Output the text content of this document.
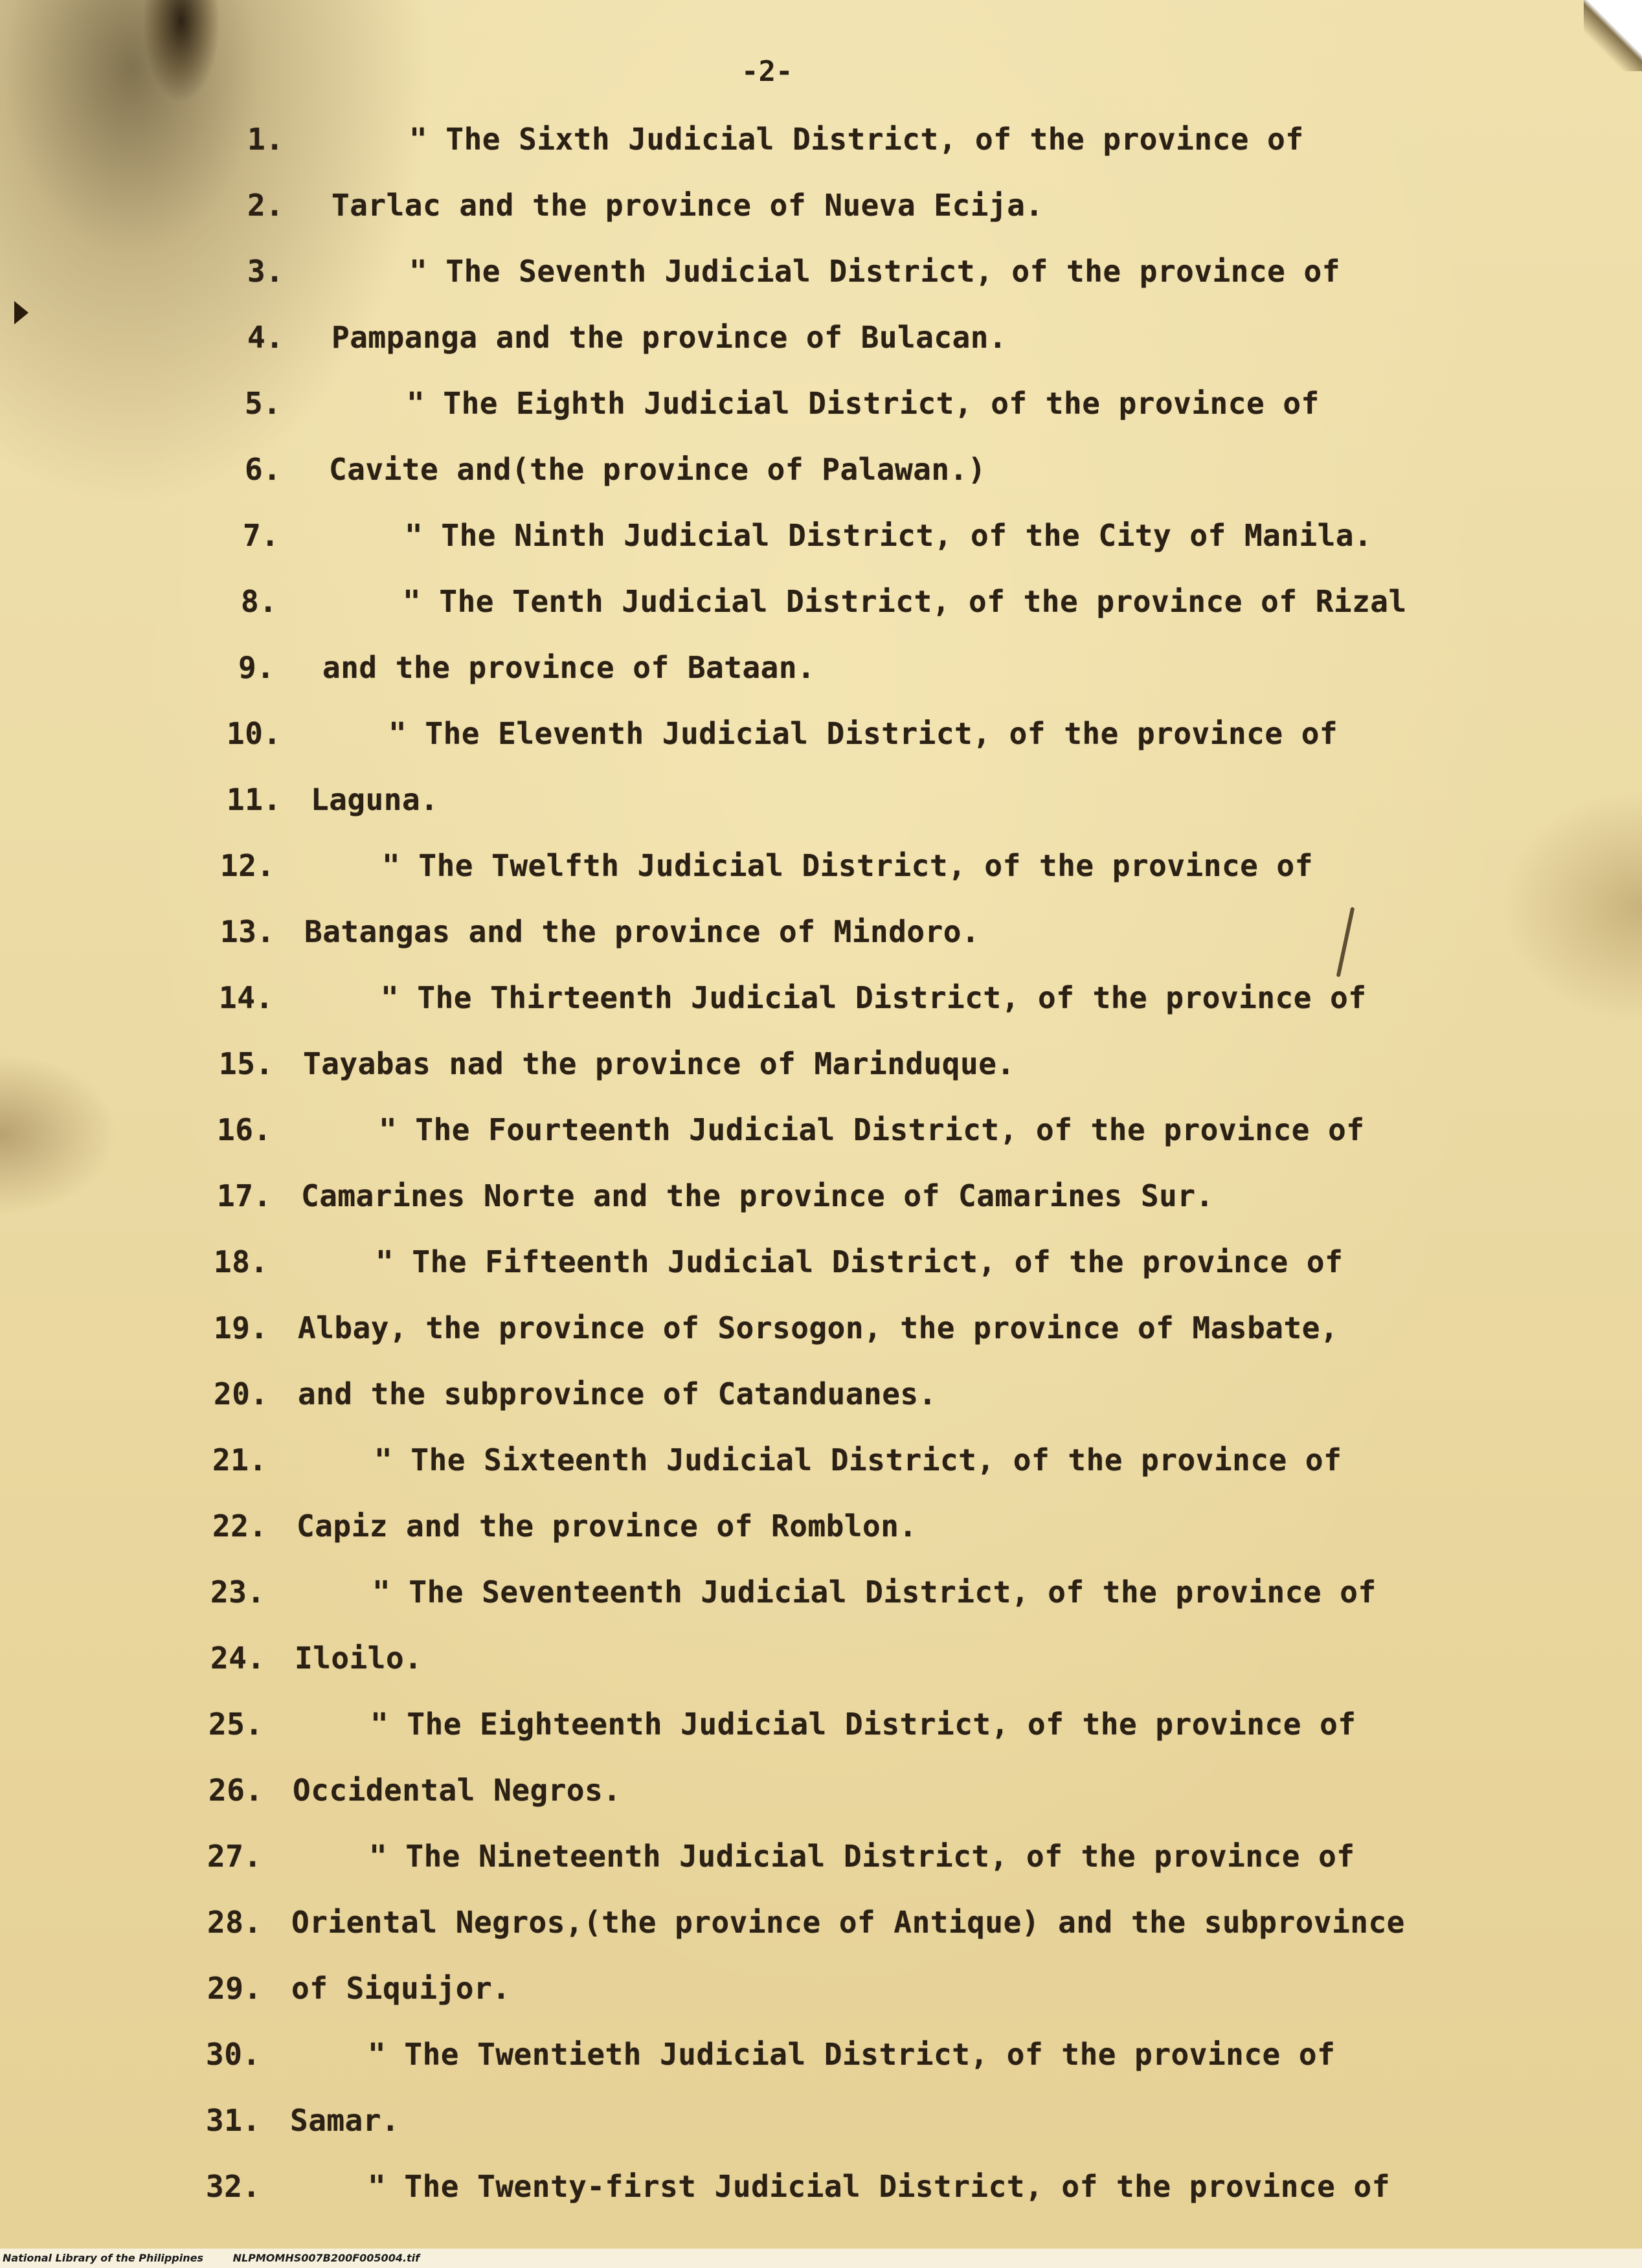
-2-
1.	" The Sixth Judicial District, of the province of
2. Tarlac and the province of Nueva Ecija.
3.	" The Seventh Judicial District, of the province of
4. Pampanga and the province of Bulacan.
5.	" The Eighth Judicial District, of the province of
6. Cavite and(the province of Palawan.)
7.	" The Ninth Judicial District, of the City of Manila.
8.	" The Tenth Judicial District, of the province of Rizal
9. and the province of Bataan.
10.	" The Eleventh Judicial District, of the province of
11. Laguna.
12.	" The Twelfth Judicial District, of the province of
13. Batangas and the province of Mindoro.
14.	" The Thirteenth Judicial District, of the province of
15. Tayabas nad the province of Marinduque.
16.	" The Fourteenth Judicial District, of the province of
17. Camarines Norte and the province of Camarines Sur.
18.	" The Fifteenth Judicial District, of the province of
19. Albay, the province of Sorsogon, the province of Masbate,
20. and the subprovince of Catanduanes.
21.	" The Sixteenth Judicial District, of the province of
22. Capiz and the province of Romblon.
23.	" The Seventeenth Judicial District, of the province of
24. Iloilo.
25.	" The Eighteenth Judicial District, of the province of
26. Occidental Negros.
27.	" The Nineteenth Judicial District, of the province of
28. Oriental Negros,(the province of Antique) and the subprovince
29. of Siquijor.
30.	" The Twentieth Judicial District, of the province of
31. Samar.
32.	" The Twenty-first Judicial District, of the province of
National Library of the Philippines	NLPMOMHS007B200F005004.tif
